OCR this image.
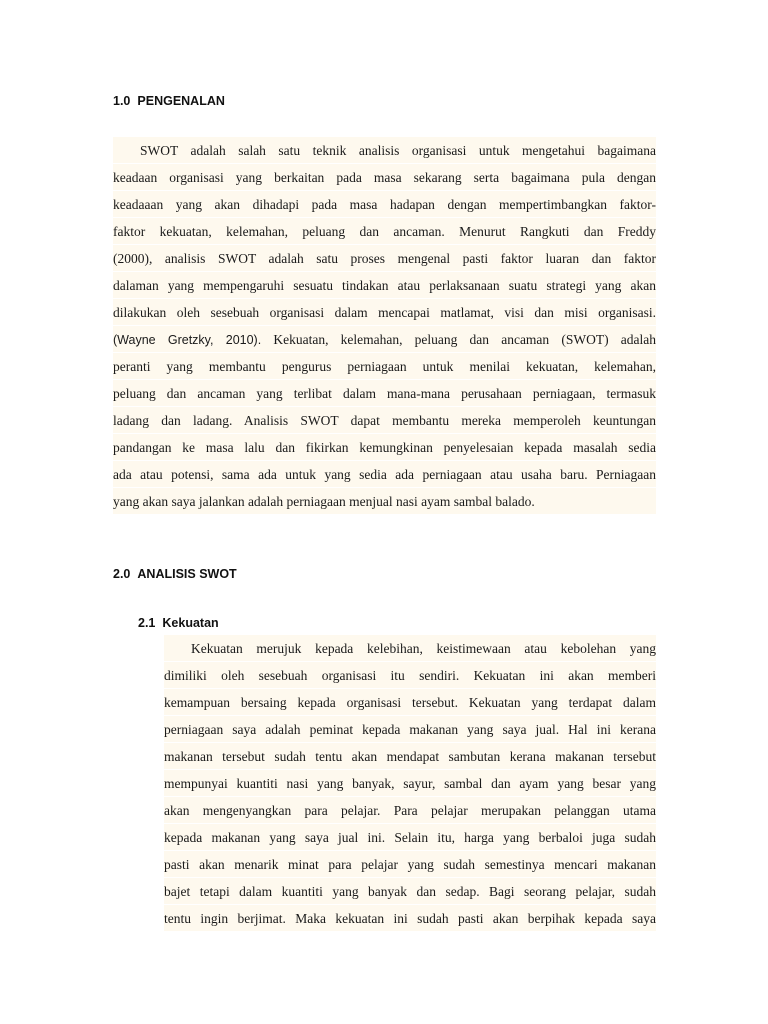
1.0 PENGENALAN
SWOT adalah salah satu teknik analisis organisasi untuk mengetahui bagaimana
keadaan organisasi yang berkaitan pada masa sekarang serta bagaimana pula dengan
keadaaan yang akan dihadapi pada masa hadapan dengan mempertimbangkan faktor-
faktor kekuatan, kelemahan, peluang dan ancaman. Menurut Rangkuti dan Freddy
(2000), analisis SWOT adalah satu proses mengenal pasti faktor luaran dan faktor
dalaman yang mempengaruhi sesuatu tindakan atau perlaksanaan suatu strategi yang akan
dilakukan oleh sesebuah organisasi dalam mencapai matlamat, visi dan misi organisasi.
(Wayne Gretzky, 2010). Kekuatan, kelemahan, peluang dan ancaman (SWOT) adalah
peranti yang membantu pengurus perniagaan untuk menilai kekuatan, kelemahan,
peluang dan ancaman yang terlibat dalam mana-mana perusahaan perniagaan, termasuk
ladang dan ladang. Analisis SWOT dapat membantu mereka memperoleh keuntungan
pandangan ke masa lalu dan fikirkan kemungkinan penyelesaian kepada masalah sedia
ada atau potensi, sama ada untuk yang sedia ada perniagaan atau usaha baru. Perniagaan
yang akan saya jalankan adalah perniagaan menjual nasi ayam sambal balado.
2.0 ANALISIS SWOT
2.1 Kekuatan
Kekuatan merujuk kepada kelebihan, keistimewaan atau kebolehan yang
dimiliki oleh sesebuah organisasi itu sendiri. Kekuatan ini akan memberi
kemampuan bersaing kepada organisasi tersebut. Kekuatan yang terdapat dalam
perniagaan saya adalah peminat kepada makanan yang saya jual. Hal ini kerana
makanan tersebut sudah tentu akan mendapat sambutan kerana makanan tersebut
mempunyai kuantiti nasi yang banyak, sayur, sambal dan ayam yang besar yang
akan mengenyangkan para pelajar. Para pelajar merupakan pelanggan utama
kepada makanan yang saya jual ini. Selain itu, harga yang berbaloi juga sudah
pasti akan menarik minat para pelajar yang sudah semestinya mencari makanan
bajet tetapi dalam kuantiti yang banyak dan sedap. Bagi seorang pelajar, sudah
tentu ingin berjimat. Maka kekuatan ini sudah pasti akan berpihak kepada saya
